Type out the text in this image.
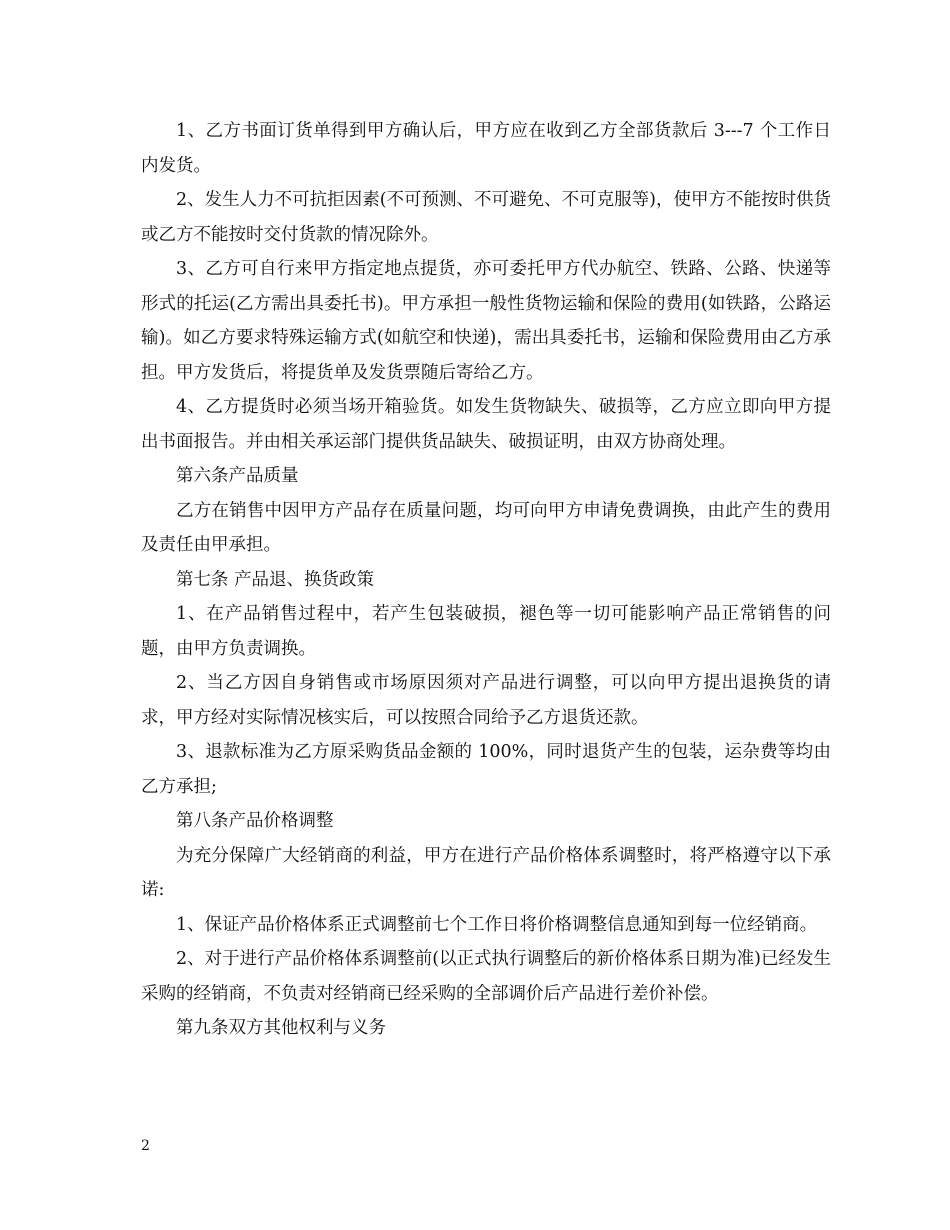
1、乙方书面订货单得到甲方确认后，甲方应在收到乙方全部货款后 3---7 个工作日内发货。

2、发生人力不可抗拒因素(不可预测、不可避免、不可克服等)，使甲方不能按时供货或乙方不能按时交付货款的情况除外。

3、乙方可自行来甲方指定地点提货，亦可委托甲方代办航空、铁路、公路、快递等形式的托运(乙方需出具委托书)。甲方承担一般性货物运输和保险的费用(如铁路，公路运输)。如乙方要求特殊运输方式(如航空和快递)，需出具委托书，运输和保险费用由乙方承担。甲方发货后，将提货单及发货票随后寄给乙方。

4、乙方提货时必须当场开箱验货。如发生货物缺失、破损等，乙方应立即向甲方提出书面报告。并由相关承运部门提供货品缺失、破损证明，由双方协商处理。

第六条产品质量

乙方在销售中因甲方产品存在质量问题，均可向甲方申请免费调换，由此产生的费用及责任由甲承担。

第七条 产品退、换货政策

1、在产品销售过程中，若产生包装破损，褪色等一切可能影响产品正常销售的问题，由甲方负责调换。

2、当乙方因自身销售或市场原因须对产品进行调整，可以向甲方提出退换货的请求，甲方经对实际情况核实后，可以按照合同给予乙方退货还款。

3、退款标准为乙方原采购货品金额的 100%，同时退货产生的包装，运杂费等均由乙方承担;

第八条产品价格调整

为充分保障广大经销商的利益，甲方在进行产品价格体系调整时，将严格遵守以下承诺:

1、保证产品价格体系正式调整前七个工作日将价格调整信息通知到每一位经销商。

2、对于进行产品价格体系调整前(以正式执行调整后的新价格体系日期为准)已经发生采购的经销商，不负责对经销商已经采购的全部调价后产品进行差价补偿。

第九条双方其他权利与义务

2
